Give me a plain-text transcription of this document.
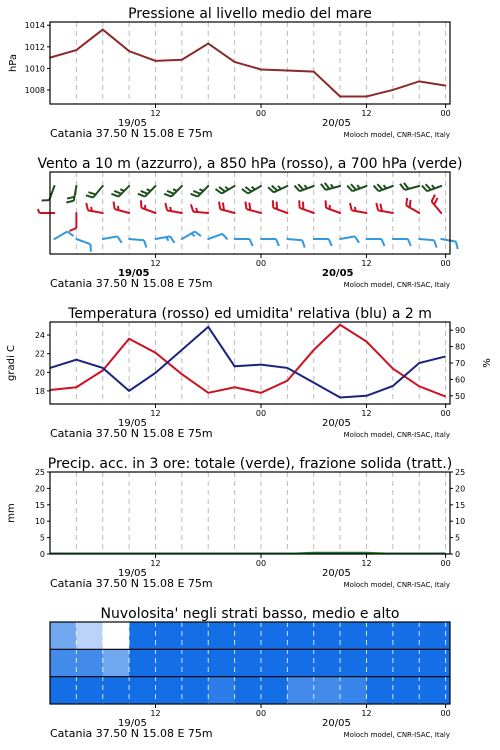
Pressione al livello medio del mare
1008
1010
1012
1014
hPa
12	00	12	00
19/05	20/05
Catania 37.50 N 15.08 E 75m	Moloch model, CNR-ISAC, Italy
Vento a 10 m (azzurro), a 850 hPa (rosso), a 700 hPa (verde)
12	00	12	00
19/05	20/05
Catania 37.50 N 15.08 E 75m	Moloch model, CNR-ISAC, Italy
Temperatura (rosso) ed umidita' relativa (blu) a 2 m
18
20
22
24
50
60
70
80
90
gradi C	%
12	00	12	00
19/05	20/05
Catania 37.50 N 15.08 E 75m	Moloch model, CNR-ISAC, Italy
Precip. acc. in 3 ore: totale (verde), frazione solida (tratt.)
0	0
5	5
10	10
15	15
20	20
25	25
mm
12	00	12	00
19/05	20/05
Catania 37.50 N 15.08 E 75m	Moloch model, CNR-ISAC, Italy
Nuvolosita' negli strati basso, medio e alto
12	00	12	00
19/05	20/05
Catania 37.50 N 15.08 E 75m	Moloch model, CNR-ISAC, Italy
